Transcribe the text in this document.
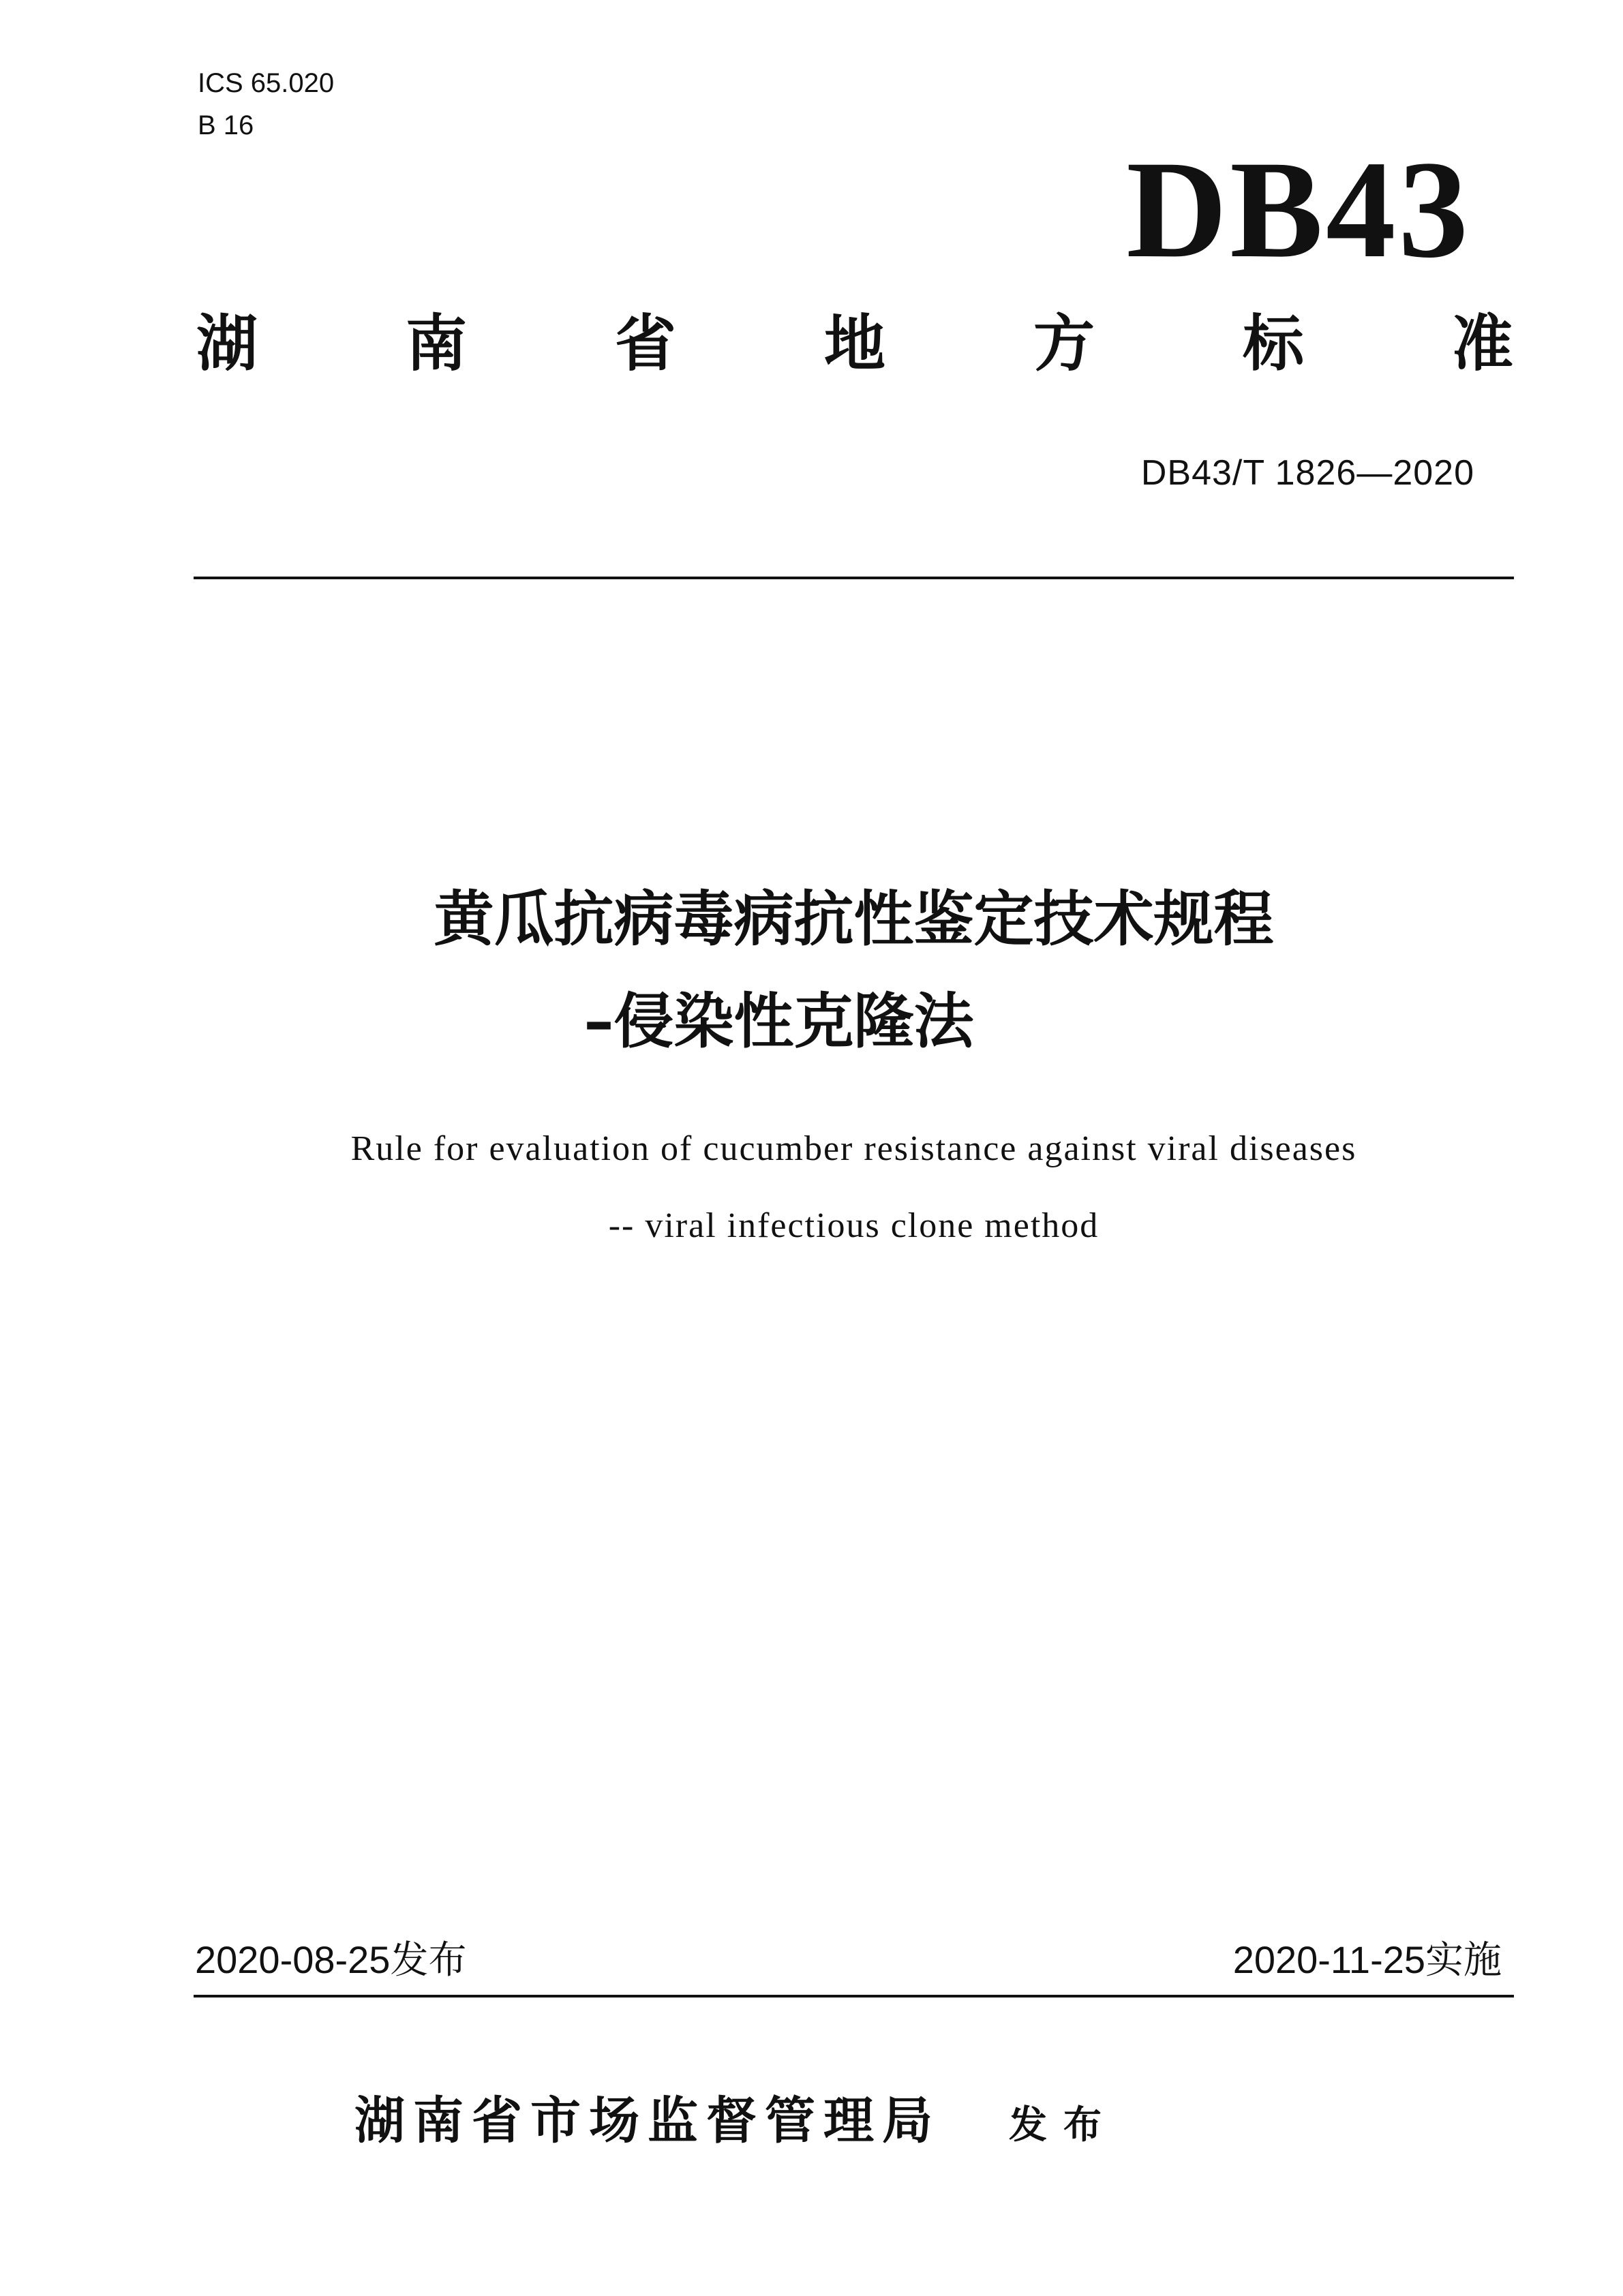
ICS 65.020
B 16
DB43
湖 南 省 地 方 标 准
DB43/T 1826—2020
黄瓜抗病毒病抗性鉴定技术规程
–侵染性克隆法
Rule for evaluation of cucumber resistance against viral diseases
-- viral infectious clone method
2020-08-25发布	2020-11-25实施
湖南省市场监督管理局 发布
